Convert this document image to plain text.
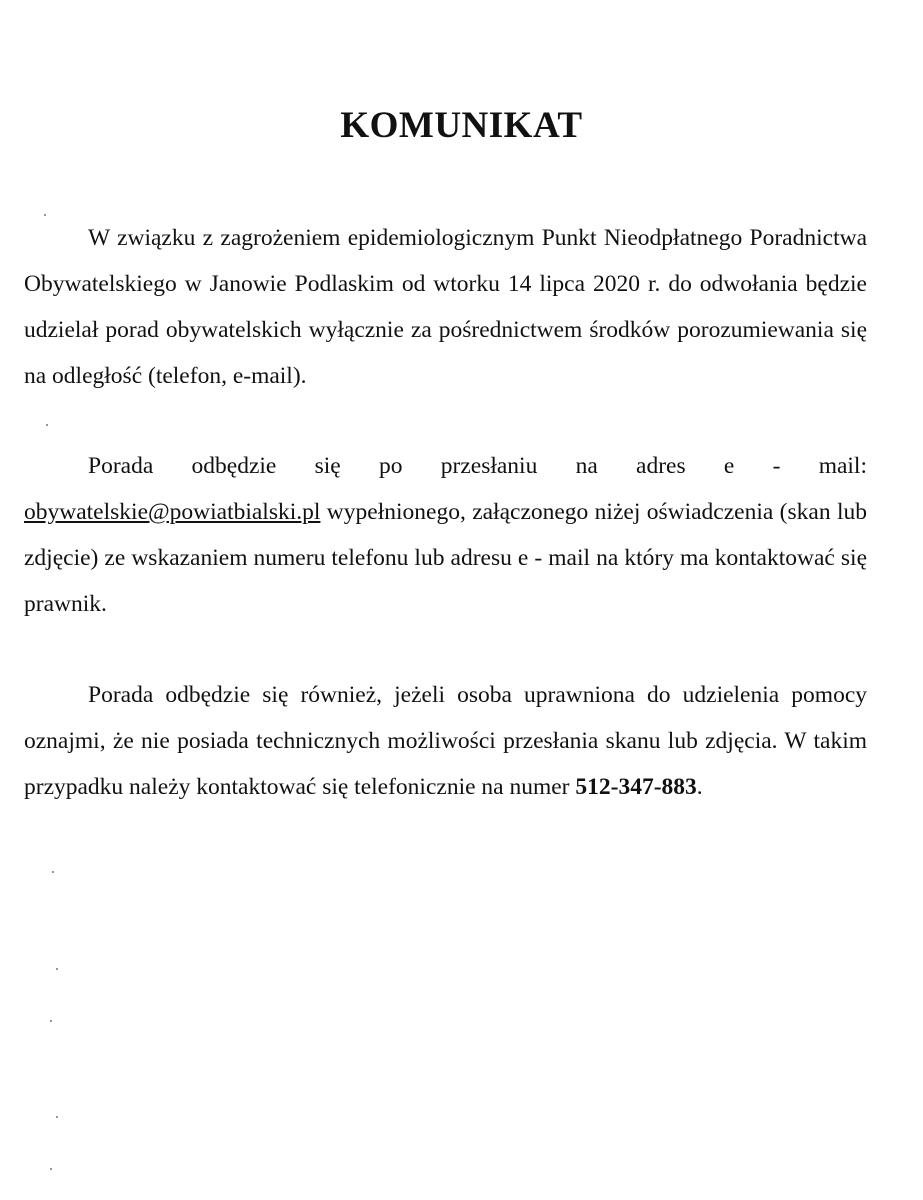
KOMUNIKAT

W związku z zagrożeniem epidemiologicznym Punkt Nieodpłatnego Poradnictwa Obywatelskiego w Janowie Podlaskim od wtorku 14 lipca 2020 r. do odwołania będzie udzielał porad obywatelskich wyłącznie za pośrednictwem środków porozumiewania się na odległość (telefon, e-mail).

Porada odbędzie się po przesłaniu na adres e - mail: obywatelskie@powiatbialski.pl wypełnionego, załączonego niżej oświadczenia (skan lub zdjęcie) ze wskazaniem numeru telefonu lub adresu e - mail na który ma kontaktować się prawnik.

Porada odbędzie się również, jeżeli osoba uprawniona do udzielenia pomocy oznajmi, że nie posiada technicznych możliwości przesłania skanu lub zdjęcia. W takim przypadku należy kontaktować się telefonicznie na numer 512-347-883.
